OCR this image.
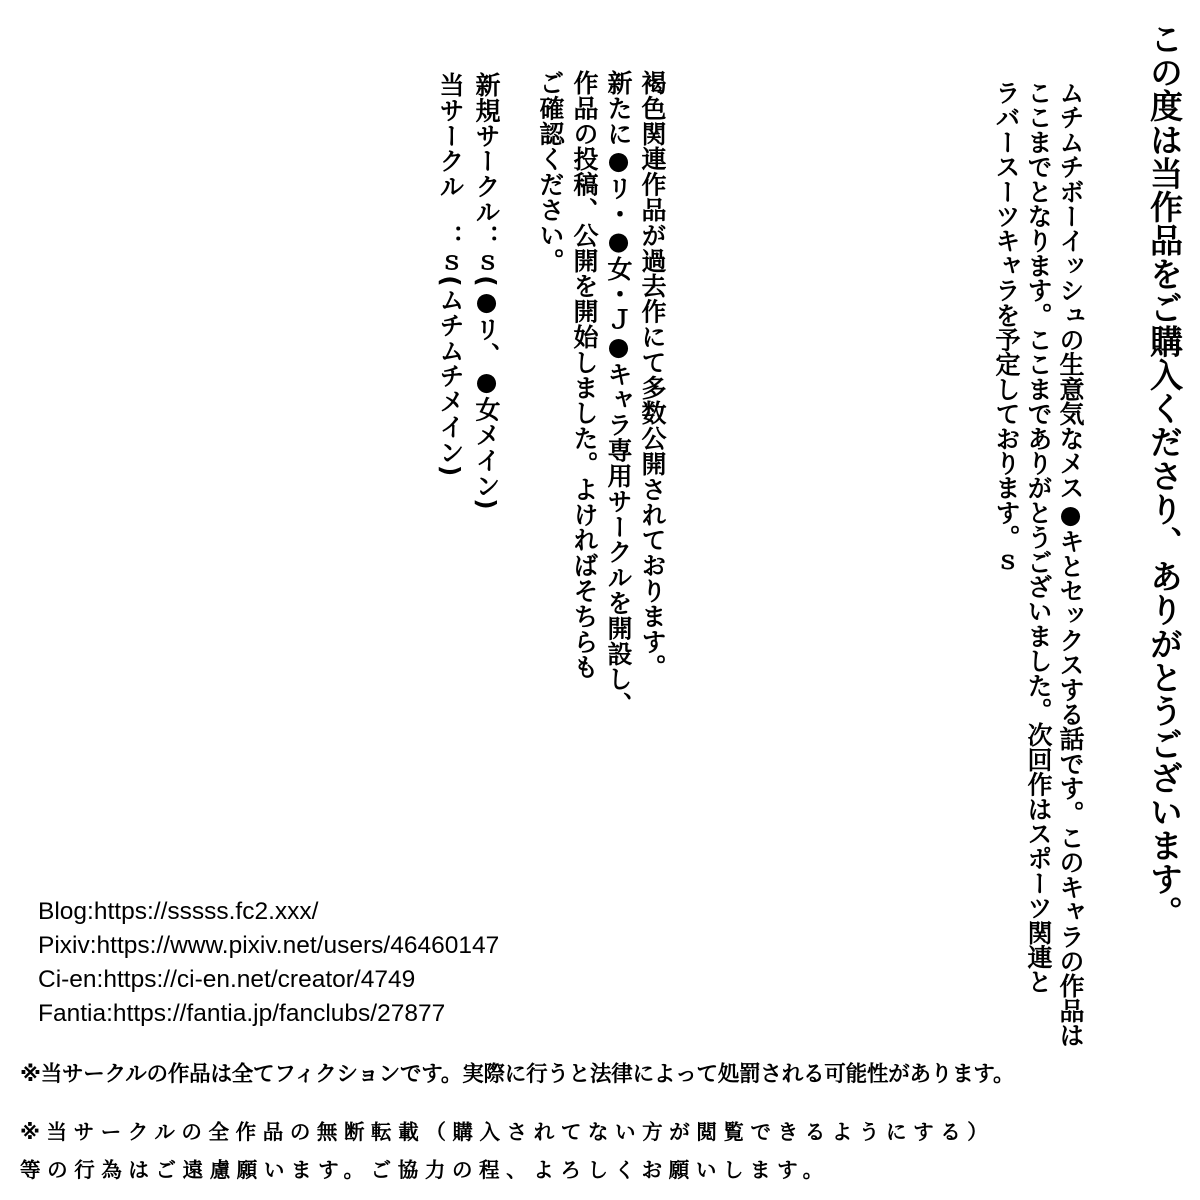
この度は当作品をご購入くださり、ありがとうございます。
ムチムチボーイッシュの生意気なメス●キとセックスする話です。このキャラの作品は
ここまでとなります。ここまでありがとうございました。次回作はスポーツ関連と
ラバースーツキャラを予定しております。ｓ
褐色関連作品が過去作にて多数公開されております。
新たに●リ・●女・Ｊ●キャラ専用サークルを開設し、
作品の投稿、公開を開始しました。よければそちらも
ご確認ください。
新規サークル：ｓ(●リ、●女メイン)
当サークル　：ｓ(ムチムチメイン)
Blog:https://sssss.fc2.xxx/
Pixiv:https://www.pixiv.net/users/46460147
Ci-en:https://ci-en.net/creator/4749
Fantia:https://fantia.jp/fanclubs/27877
※当サークルの作品は全てフィクションです。実際に行うと法律によって処罰される可能性があります。
※当サークルの全作品の無断転載（購入されてない方が閲覧できるようにする）
等の行為はご遠慮願います。ご協力の程、よろしくお願いします。
